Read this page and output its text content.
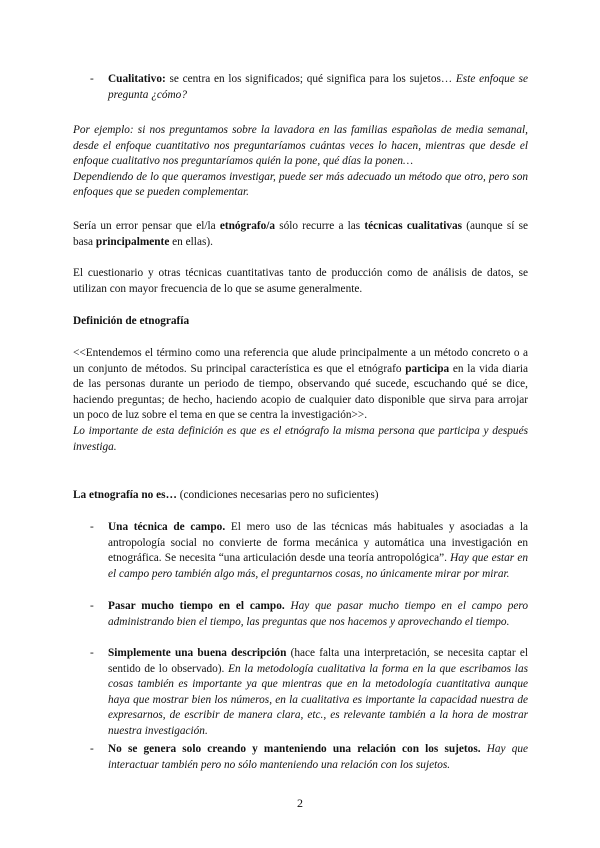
-	Cualitativo: se centra en los significados; qué significa para los sujetos… Este enfoque se pregunta ¿cómo?
Por ejemplo: si nos preguntamos sobre la lavadora en las familias españolas de media semanal, desde el enfoque cuantitativo nos preguntaríamos cuántas veces lo hacen, mientras que desde el enfoque cualitativo nos preguntaríamos quién la pone, qué días la ponen…
Dependiendo de lo que queramos investigar, puede ser más adecuado un método que otro, pero son enfoques que se pueden complementar.
Sería un error pensar que el/la etnógrafo/a sólo recurre a las técnicas cualitativas (aunque sí se basa principalmente en ellas).
El cuestionario y otras técnicas cuantitativas tanto de producción como de análisis de datos, se utilizan con mayor frecuencia de lo que se asume generalmente.
Definición de etnografía
<<Entendemos el término como una referencia que alude principalmente a un método concreto o a un conjunto de métodos. Su principal característica es que el etnógrafo participa en la vida diaria de las personas durante un periodo de tiempo, observando qué sucede, escuchando qué se dice, haciendo preguntas; de hecho, haciendo acopio de cualquier dato disponible que sirva para arrojar un poco de luz sobre el tema en que se centra la investigación>>.
Lo importante de esta definición es que es el etnógrafo la misma persona que participa y después investiga.
La etnografía no es… (condiciones necesarias pero no suficientes)
-	Una técnica de campo. El mero uso de las técnicas más habituales y asociadas a la antropología social no convierte de forma mecánica y automática una investigación en etnográfica. Se necesita “una articulación desde una teoría antropológica”. Hay que estar en el campo pero también algo más, el preguntarnos cosas, no únicamente mirar por mirar.
-	Pasar mucho tiempo en el campo. Hay que pasar mucho tiempo en el campo pero administrando bien el tiempo, las preguntas que nos hacemos y aprovechando el tiempo.
-	Simplemente una buena descripción (hace falta una interpretación, se necesita captar el sentido de lo observado). En la metodología cualitativa la forma en la que escribamos las cosas también es importante ya que mientras que en la metodología cuantitativa aunque haya que mostrar bien los números, en la cualitativa es importante la capacidad nuestra de expresarnos, de escribir de manera clara, etc., es relevante también a la hora de mostrar nuestra investigación.
-	No se genera solo creando y manteniendo una relación con los sujetos. Hay que interactuar también pero no sólo manteniendo una relación con los sujetos.
2
